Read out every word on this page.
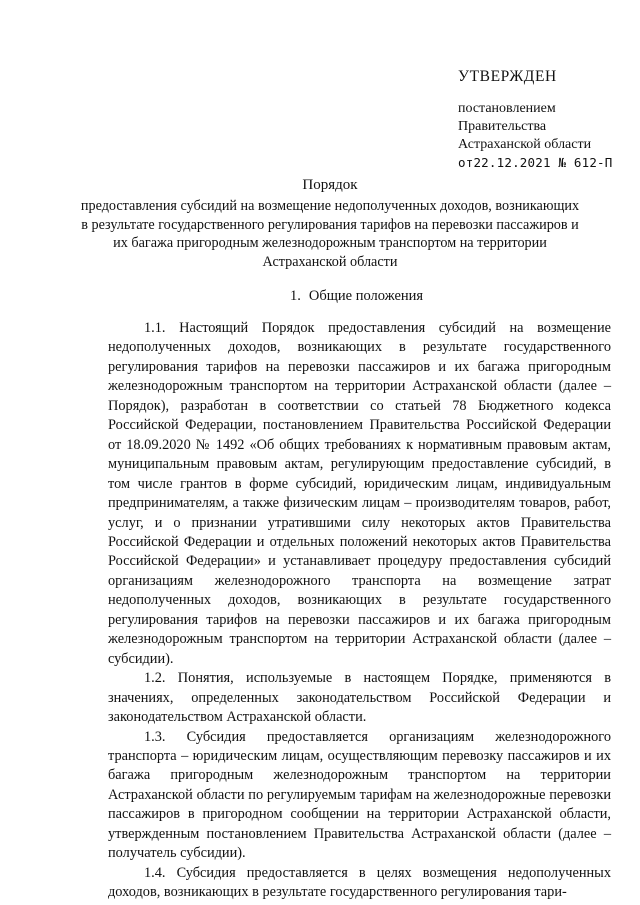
УТВЕРЖДЕН
постановлением
Правительства
Астраханской области
от22.12.2021 № 612-П
Порядок
предоставления субсидий на возмещение недополученных доходов, возникающих в результате государственного регулирования тарифов на перевозки пассажиров и их багажа пригородным железнодорожным транспортом на территории Астраханской области
1. Общие положения

1.1. Настоящий Порядок предоставления субсидий на возмещение недополученных доходов, возникающих в результате государственного регулирования тарифов на перевозки пассажиров и их багажа пригородным железнодорожным транспортом на территории Астраханской области (далее – Порядок), разработан в соответствии со статьей 78 Бюджетного кодекса Российской Федерации, постановлением Правительства Российской Федерации от 18.09.2020 № 1492 «Об общих требованиях к нормативным правовым актам, муниципальным правовым актам, регулирующим предоставление субсидий, в том числе грантов в форме субсидий, юридическим лицам, индивидуальным предпринимателям, а также физическим лицам – производителям товаров, работ, услуг, и о признании утратившими силу некоторых актов Правительства Российской Федерации и отдельных положений некоторых актов Правительства Российской Федерации» и устанавливает процедуру предоставления субсидий организациям железнодорожного транспорта на возмещение затрат недополученных доходов, возникающих в результате государственного регулирования тарифов на перевозки пассажиров и их багажа пригородным железнодорожным транспортом на территории Астраханской области (далее – субсидии).

1.2. Понятия, используемые в настоящем Порядке, применяются в значениях, определенных законодательством Российской Федерации и законодательством Астраханской области.

1.3. Субсидия предоставляется организациям железнодорожного транспорта – юридическим лицам, осуществляющим перевозку пассажиров и их багажа пригородным железнодорожным транспортом на территории Астраханской области по регулируемым тарифам на железнодорожные перевозки пассажиров в пригородном сообщении на территории Астраханской области, утвержденным постановлением Правительства Астраханской области (далее – получатель субсидии).

1.4. Субсидия предоставляется в целях возмещения недополученных доходов, возникающих в результате государственного регулирования тари-
